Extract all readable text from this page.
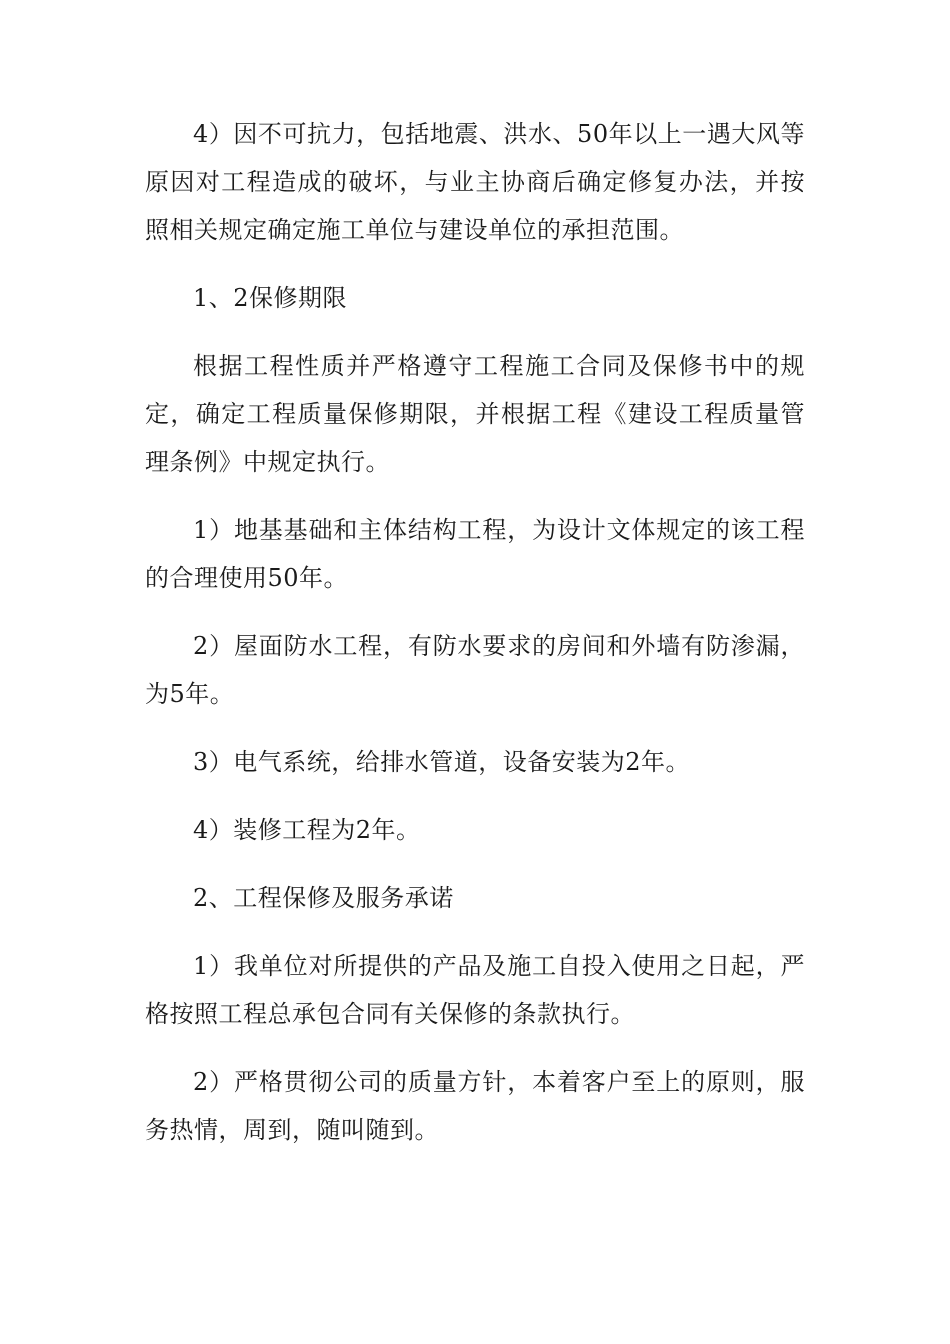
4）因不可抗力，包括地震、洪水、50年以上一遇大风等原因对工程造成的破坏，与业主协商后确定修复办法，并按照相关规定确定施工单位与建设单位的承担范围。

1、2保修期限

根据工程性质并严格遵守工程施工合同及保修书中的规定，确定工程质量保修期限，并根据工程《建设工程质量管理条例》中规定执行。

1）地基基础和主体结构工程，为设计文体规定的该工程的合理使用50年。

2）屋面防水工程，有防水要求的房间和外墙有防渗漏，为5年。

3）电气系统，给排水管道，设备安装为2年。

4）装修工程为2年。

2、工程保修及服务承诺

1）我单位对所提供的产品及施工自投入使用之日起，严格按照工程总承包合同有关保修的条款执行。

2）严格贯彻公司的质量方针，本着客户至上的原则，服务热情，周到，随叫随到。
